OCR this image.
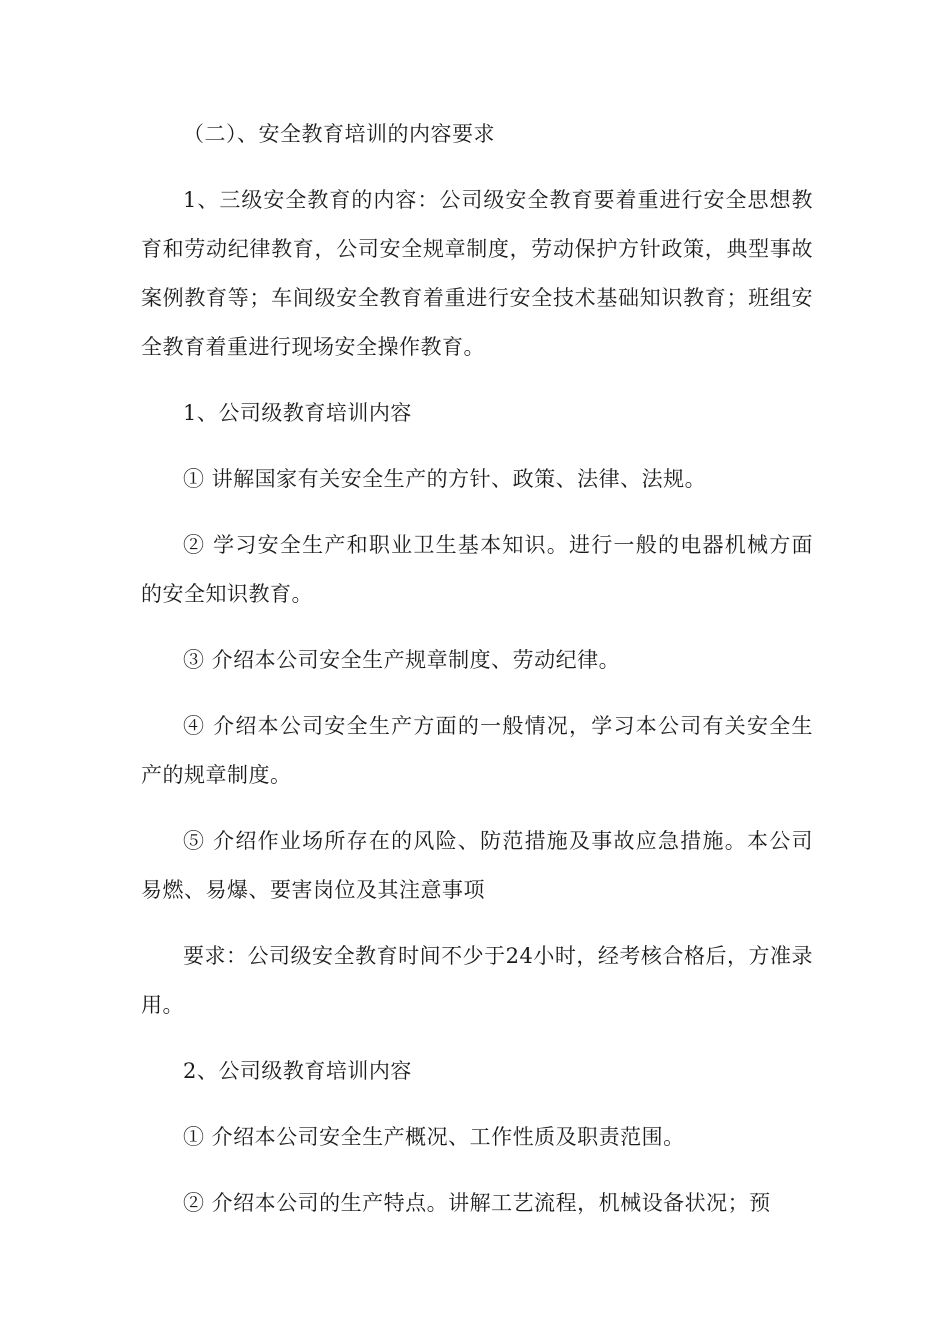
（二）、安全教育培训的内容要求

1、三级安全教育的内容：公司级安全教育要着重进行安全思想教育和劳动纪律教育，公司安全规章制度，劳动保护方针政策，典型事故案例教育等；车间级安全教育着重进行安全技术基础知识教育；班组安全教育着重进行现场安全操作教育。

1、公司级教育培训内容

① 讲解国家有关安全生产的方针、政策、法律、法规。

② 学习安全生产和职业卫生基本知识。进行一般的电器机械方面的安全知识教育。

③ 介绍本公司安全生产规章制度、劳动纪律。

④ 介绍本公司安全生产方面的一般情况，学习本公司有关安全生产的规章制度。

⑤ 介绍作业场所存在的风险、防范措施及事故应急措施。本公司易燃、易爆、要害岗位及其注意事项

要求：公司级安全教育时间不少于24小时，经考核合格后，方准录用。

2、公司级教育培训内容

① 介绍本公司安全生产概况、工作性质及职责范围。

② 介绍本公司的生产特点。讲解工艺流程，机械设备状况；预
